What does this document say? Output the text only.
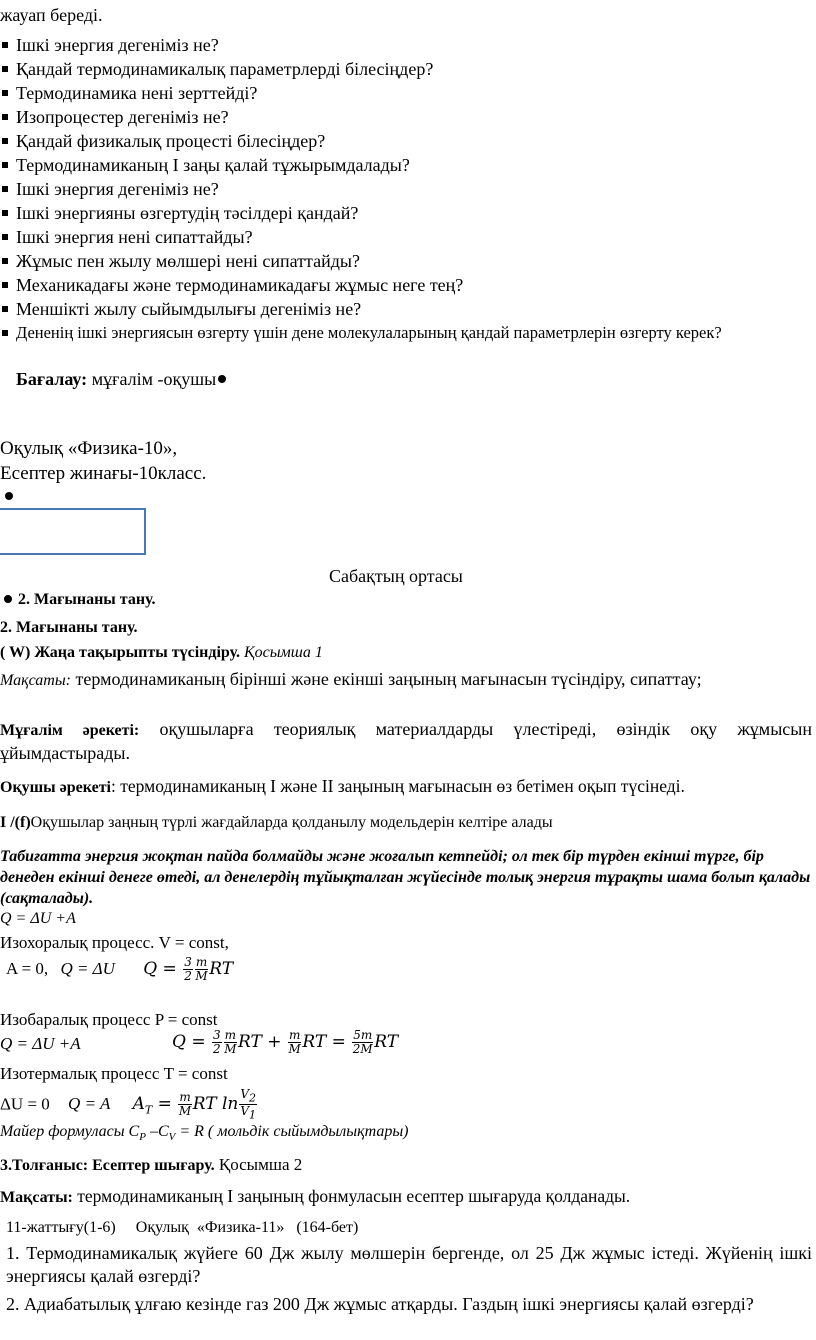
жауап береді.
Ішкі энергия дегеніміз не?
Қандай термодинамикалық параметрлерді білесіңдер?
Термодинамика нені зерттейді?
Изопроцестер дегеніміз не?
Қандай физикалық процесті білесіңдер?
Термодинамиканың І заңы қалай тұжырымдалады?
Ішкі энергия дегеніміз не?
Ішкі энергияны өзгертудің тәсілдері қандай?
Ішкі энергия нені сипаттайды?
Жұмыс пен жылу мөлшері нені сипаттайды?
Механикадағы және термодинамикадағы жұмыс неге тең?
Меншікті жылу сыйымдылығы дегеніміз не?
Дененің ішкі энергиясын өзгерту үшін дене молекулаларының қандай параметрлерін өзгерту керек?
Бағалау: мұғалім -оқушы
Оқулық «Физика-10»,
Есептер жинағы-10класс.
Сабақтың ортасы
2. Мағынаны тану.
2. Мағынаны тану.
( W) Жаңа тақырыпты түсіндіру. Қосымша 1
Мақсаты: термодинамиканың бірінші және екінші заңының мағынасын түсіндіру, сипаттау;
Мұғалім әрекеті: оқушыларға теориялық материалдарды үлестіреді, өзіндік оқу жұмысын ұйымдастырады.
Оқушы әрекеті: термодинамиканың І және ІІ заңының мағынасын өз бетімен оқып түсінеді.
І /(f)Оқушылар заңның түрлі жағдайларда қолданылу модельдерін келтіре алады
Табиғатта энергия жоқтан пайда болмайды және жоғалып кетпейді; ол тек бір түрден екінші түрге, бір денеден екінші денеге өтеді, ал денелердің тұйықталған жүйесінде толық энергия тұрақты шама болып қалады (сақталады).
Q = ΔU +A
Изохоралық процесс. V = const,
A = 0, Q = ΔU $Q = \frac{3}{2} \frac{m}{M}$ RT
Изобаралық процесс P = const
Q = ΔU +A	$Q = \frac{3}{2} \frac{m}{M}$ RT + $\frac{m}{M}$ RT = $\frac{5m}{2M}$ RT
Изотермалық процесс T = const
ΔU = 0 Q = A $A_T = \frac{m}{M}$ RT $\ln \frac{V_2}{V_1}$
Майер формуласы $C_P$ $-C_V = R$ ( мольдік сыйымдылықтары)
3.Толғаныс: Есептер шығару. Қосымша 2
Мақсаты: термодинамиканың І заңының фонмуласын есептер шығаруда қолданады.
11-жаттығу(1-6)     Оқулық  «Физика-11»   (164-бет)
1. Термодинамикалық жүйеге 60 Дж жылу мөлшерін бергенде, ол 25 Дж жұмыс істеді. Жүйенің ішкі энергиясы қалай өзгерді?
2. Адиабатылық ұлғаю кезінде газ 200 Дж жұмыс атқарды. Газдың ішкі энергиясы қалай өзгерді?
